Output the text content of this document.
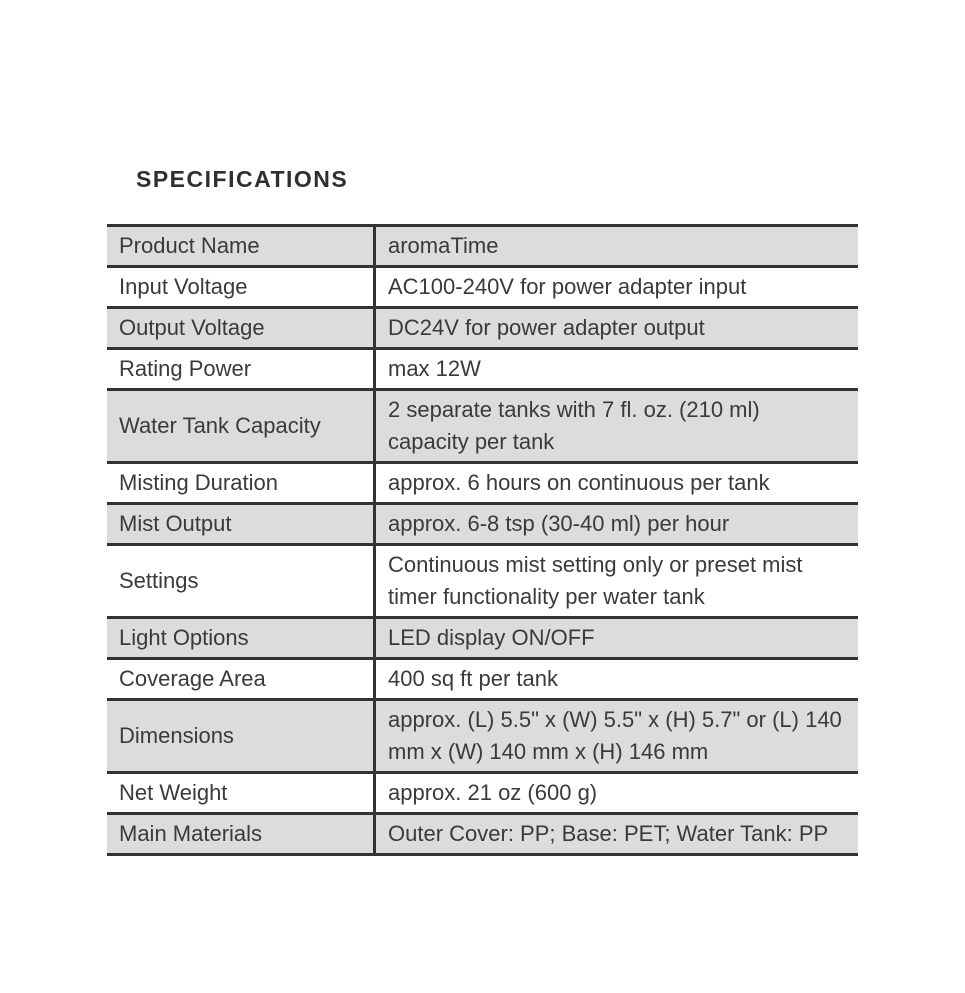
SPECIFICATIONS
Product Name	aromaTime
Input Voltage	AC100-240V for power adapter input
Output Voltage	DC24V for power adapter output
Rating Power	max 12W
Water Tank Capacity	2 separate tanks with 7 fl. oz. (210 ml) capacity per tank
Misting Duration	approx. 6 hours on continuous per tank
Mist Output	approx. 6-8 tsp (30-40 ml) per hour
Settings	Continuous mist setting only or preset mist timer functionality per water tank
Light Options	LED display ON/OFF
Coverage Area	400 sq ft per tank
Dimensions	approx. (L) 5.5" x (W) 5.5" x (H) 5.7" or (L) 140 mm x (W) 140 mm x (H) 146 mm
Net Weight	approx. 21 oz (600 g)
Main Materials	Outer Cover: PP; Base: PET; Water Tank: PP
